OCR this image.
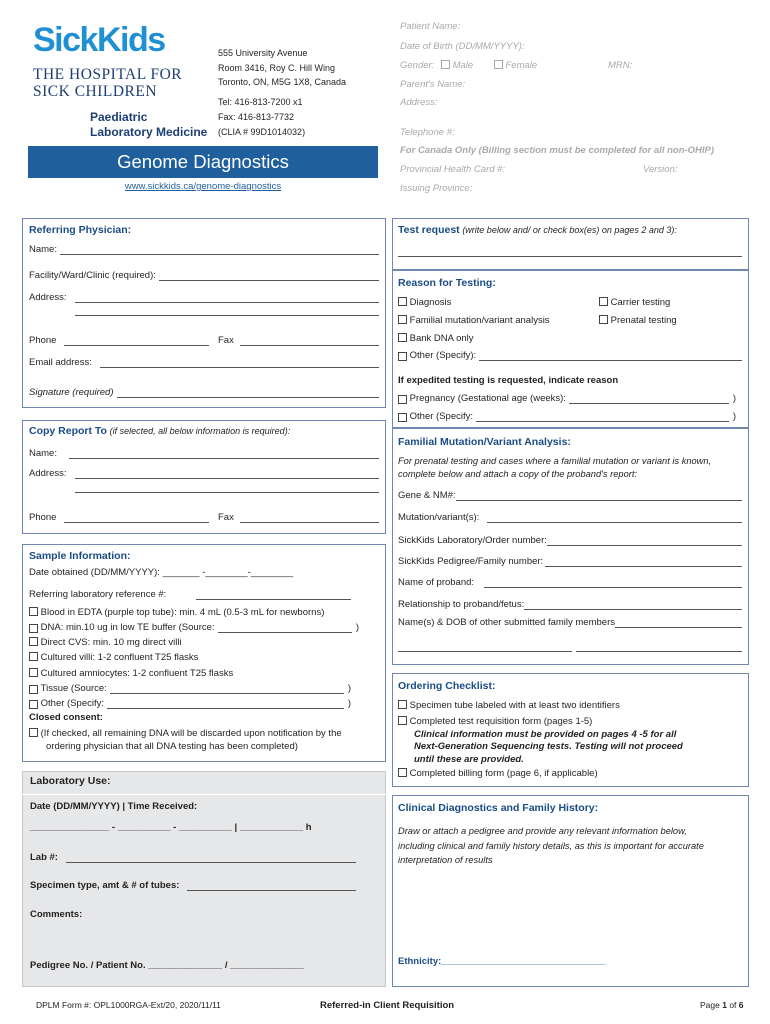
SickKids
THE HOSPITAL FOR
SICK CHILDREN
Paediatric
Laboratory Medicine
555 University Avenue
Room 3416, Roy C. Hill Wing
Toronto, ON, M5G 1X8, Canada
Tel: 416-813-7200 x1
Fax: 416-813-7732
(CLIA # 99D1014032)
Genome Diagnostics
www.sickkids.ca/genome-diagnostics
Patient Name:
Date of Birth (DD/MM/YYYY):
Gender: Male	Female	MRN:
Parent's Name:
Address:
Telephone #:
For Canada Only (Billing section must be completed for all non-OHIP)
Provincial Health Card #:	Version:
Issuing Province:
Referring Physician:
Name:
Facility/Ward/Clinic (required):
Address:
Phone	Fax
Email address:
Signature (required)
Copy Report To (if selected, all below information is required):
Name:
Address:
Phone	Fax
Sample Information:
Date obtained (DD/MM/YYYY): _______ -________-________
Referring laboratory reference #:
Blood in EDTA (purple top tube): min. 4 mL (0.5-3 mL for newborns)

DNA: min.10 ug in low TE buffer (Source:	)
Direct CVS: min. 10 mg direct villi
Cultured villi: 1-2 confluent T25 flasks
Cultured amniocytes: 1-2 confluent T25 flasks

Tissue (Source:	)

Other (Specify:	)
Closed consent:
(If checked, all remaining DNA will be discarded upon notification by the
ordering physician that all DNA testing has been completed)
Laboratory Use:
Date (DD/MM/YYYY) | Time Received:
_______________ - __________ - __________ | ____________ h
Lab #:
Specimen type, amt & # of tubes:
Comments:
Pedigree No. / Patient No. ______________ / ______________
Test request (write below and/ or check box(es) on pages 2 and 3):
Reason for Testing:
Diagnosis	Carrier testing
Familial mutation/variant analysis	Prenatal testing
Bank DNA only

Other (Specify):
If expedited testing is requested, indicate reason

Pregnancy (Gestational age (weeks):	)

Other (Specify:	)
Familial Mutation/Variant Analysis:
For prenatal testing and cases where a familial mutation or variant is known,
complete below and attach a copy of the proband's report:
Gene & NM#:
Mutation/variant(s):
SickKids Laboratory/Order number:
SickKids Pedigree/Family number:
Name of proband:
Relationship to proband/fetus:
Name(s) & DOB of other submitted family members
Ordering Checklist:
Specimen tube labeled with at least two identifiers
Completed test requisition form (pages 1-5)
Clinical information must be provided on pages 4 -5 for all
Next-Generation Sequencing tests. Testing will not proceed
until these are provided.
Completed billing form (page 6, if applicable)
Clinical Diagnostics and Family History:
Draw or attach a pedigree and provide any relevant information below,
including clinical and family history details, as this is important for accurate
interpretation of results
Ethnicity:_______________________________
DPLM Form #: OPL1000RGA-Ext/20, 2020/11/11	Referred-in Client Requisition	Page 1 of 6
